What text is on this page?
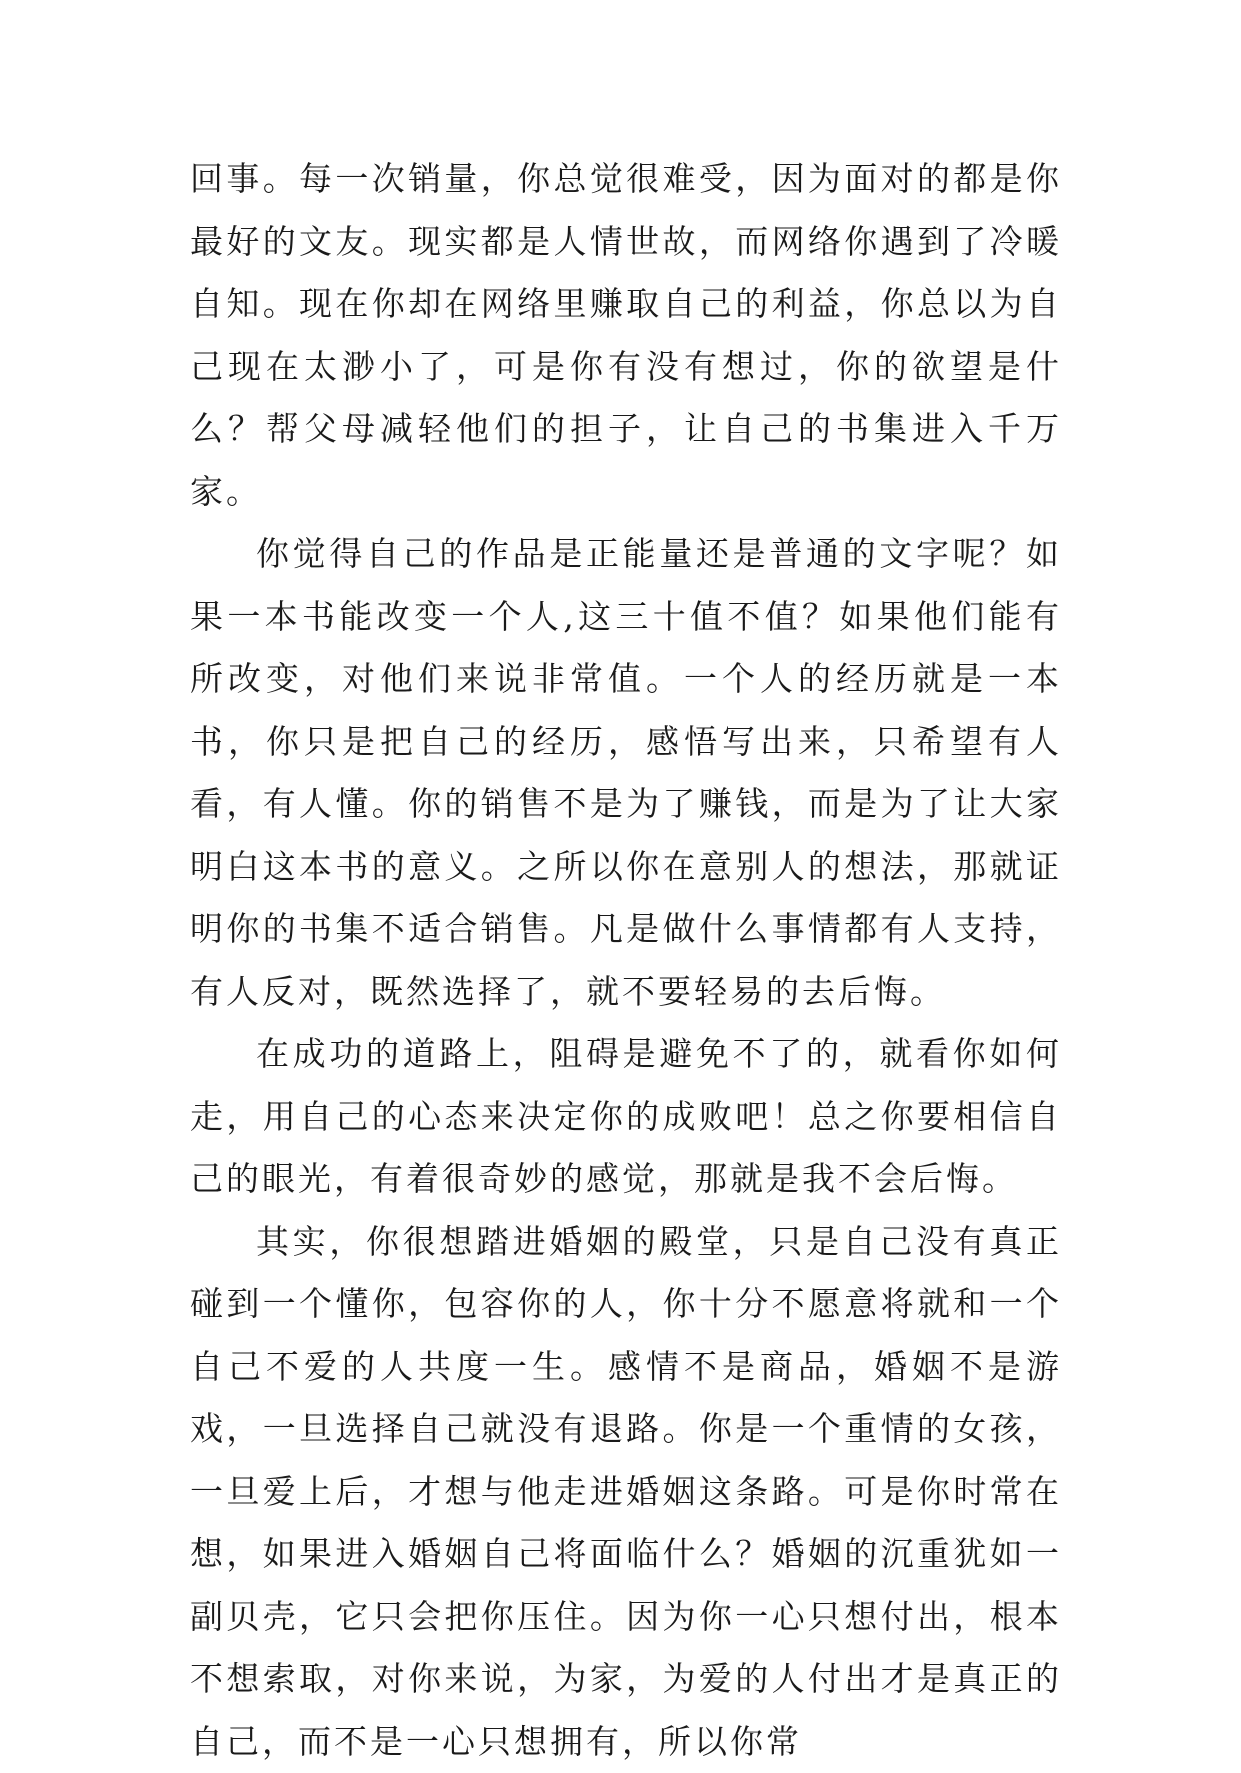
回事。每一次销量，你总觉很难受，因为面对的都是你最好的文友。现实都是人情世故，而网络你遇到了冷暖自知。现在你却在网络里赚取自己的利益，你总以为自己现在太渺小了，可是你有没有想过，你的欲望是什么？帮父母减轻他们的担子，让自己的书集进入千万家。

你觉得自己的作品是正能量还是普通的文字呢？如果一本书能改变一个人,这三十值不值？如果他们能有所改变，对他们来说非常值。一个人的经历就是一本书，你只是把自己的经历，感悟写出来，只希望有人看，有人懂。你的销售不是为了赚钱，而是为了让大家明白这本书的意义。之所以你在意别人的想法，那就证明你的书集不适合销售。凡是做什么事情都有人支持，有人反对，既然选择了，就不要轻易的去后悔。

在成功的道路上，阻碍是避免不了的，就看你如何走，用自己的心态来决定你的成败吧！总之你要相信自己的眼光，有着很奇妙的感觉，那就是我不会后悔。

其实，你很想踏进婚姻的殿堂，只是自己没有真正碰到一个懂你，包容你的人，你十分不愿意将就和一个自己不爱的人共度一生。感情不是商品，婚姻不是游戏，一旦选择自己就没有退路。你是一个重情的女孩，一旦爱上后，才想与他走进婚姻这条路。可是你时常在想，如果进入婚姻自己将面临什么？婚姻的沉重犹如一副贝壳，它只会把你压住。因为你一心只想付出，根本不想索取，对你来说，为家，为爱的人付出才是真正的自己，而不是一心只想拥有，所以你常
